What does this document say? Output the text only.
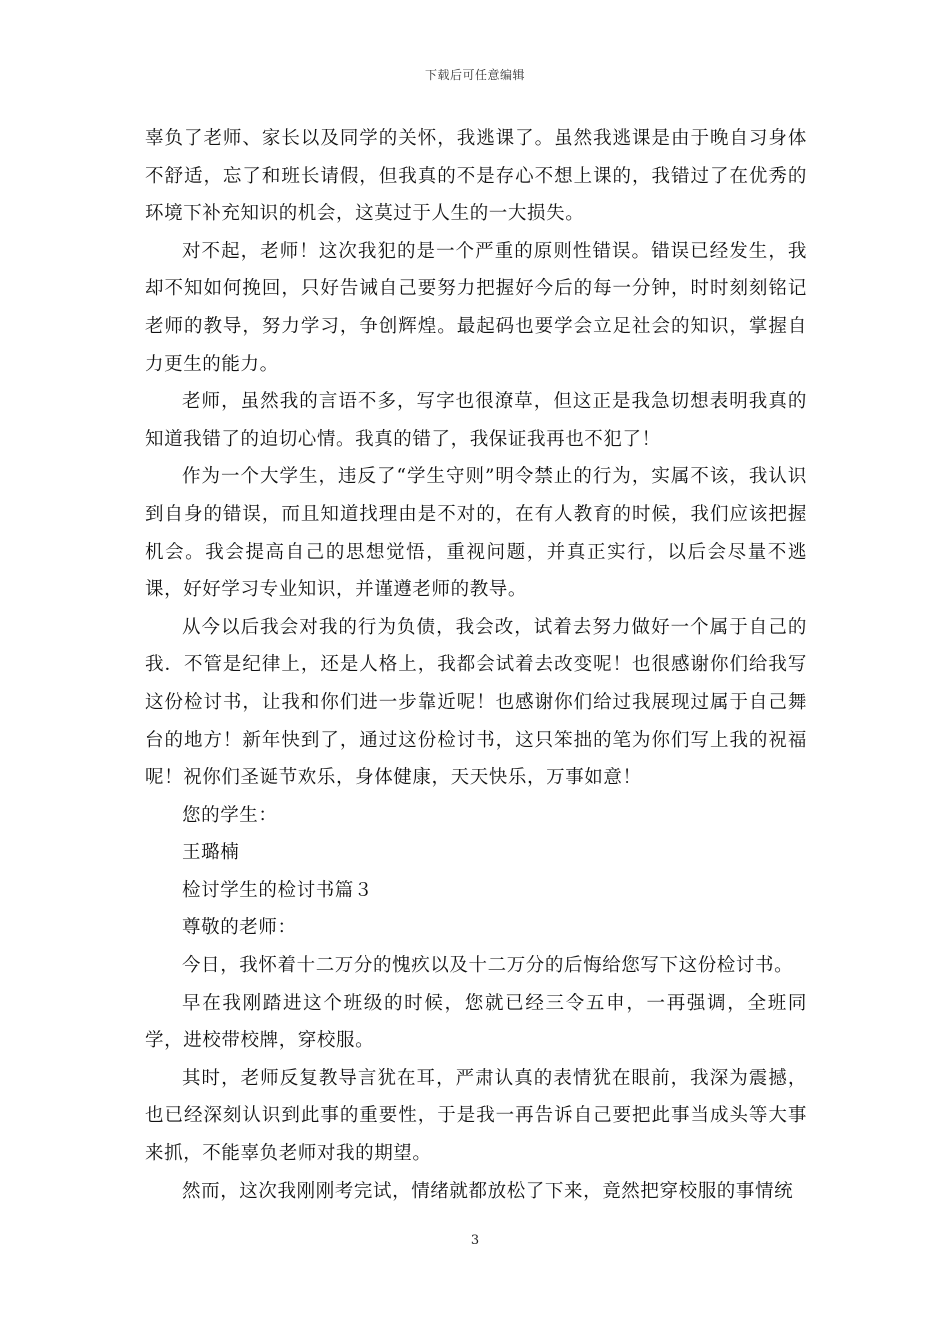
下载后可任意编辑

辜负了老师、家长以及同学的关怀，我逃课了。虽然我逃课是由于晚自习身体不舒适，忘了和班长请假，但我真的不是存心不想上课的，我错过了在优秀的环境下补充知识的机会，这莫过于人生的一大损失。

对不起，老师！这次我犯的是一个严重的原则性错误。错误已经发生，我却不知如何挽回，只好告诫自己要努力把握好今后的每一分钟，时时刻刻铭记老师的教导，努力学习，争创辉煌。最起码也要学会立足社会的知识，掌握自力更生的能力。

老师，虽然我的言语不多，写字也很潦草，但这正是我急切想表明我真的知道我错了的迫切心情。我真的错了，我保证我再也不犯了！

作为一个大学生，违反了“学生守则”明令禁止的行为，实属不该，我认识到自身的错误，而且知道找理由是不对的，在有人教育的时候，我们应该把握机会。我会提高自己的思想觉悟，重视问题，并真正实行，以后会尽量不逃课，好好学习专业知识，并谨遵老师的教导。

从今以后我会对我的行为负债，我会改，试着去努力做好一个属于自己的我．不管是纪律上，还是人格上，我都会试着去改变呢！也很感谢你们给我写这份检讨书，让我和你们进一步靠近呢！也感谢你们给过我展现过属于自己舞台的地方！新年快到了，通过这份检讨书，这只笨拙的笔为你们写上我的祝福呢！祝你们圣诞节欢乐，身体健康，天天快乐，万事如意！

您的学生：

王璐楠

检讨学生的检讨书篇３

尊敬的老师：

今日，我怀着十二万分的愧疚以及十二万分的后悔给您写下这份检讨书。

早在我刚踏进这个班级的时候，您就已经三令五申，一再强调，全班同学，进校带校牌，穿校服。

其时，老师反复教导言犹在耳，严肃认真的表情犹在眼前，我深为震撼，也已经深刻认识到此事的重要性，于是我一再告诉自己要把此事当成头等大事来抓，不能辜负老师对我的期望。

然而，这次我刚刚考完试，情绪就都放松了下来，竟然把穿校服的事情统

3
